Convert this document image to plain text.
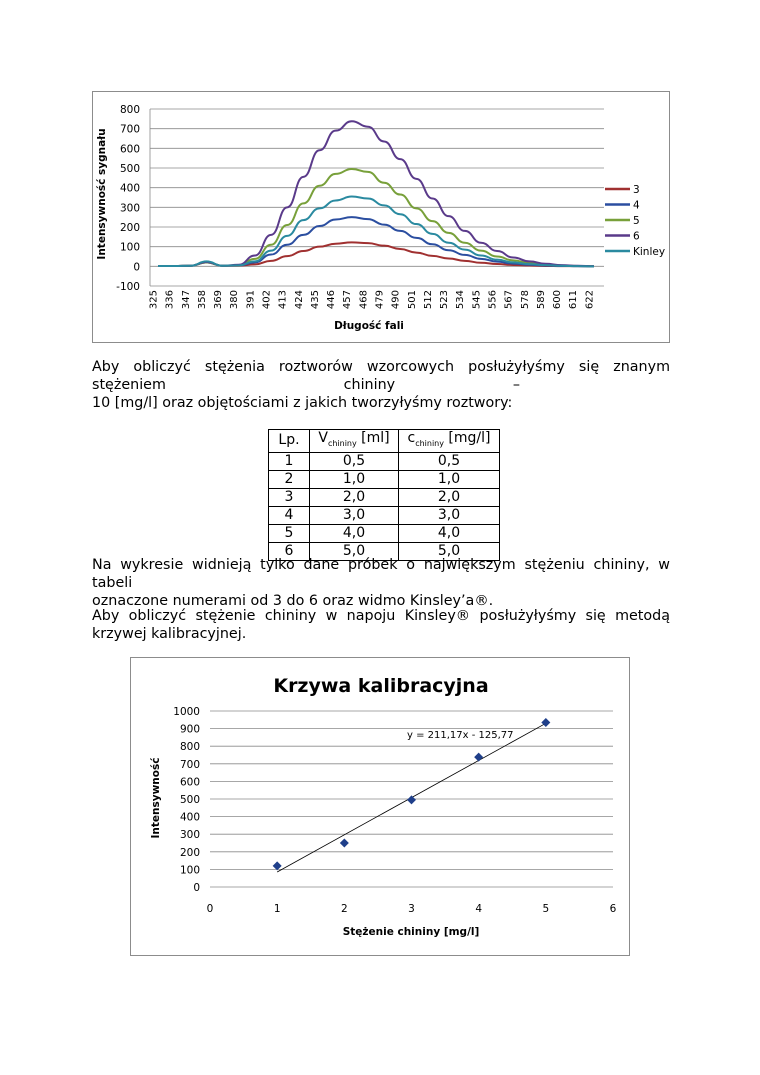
800
700
600
500
400
300
200
100
0
-100
325 336 347 358 369 380 391 402 413 424 435 446 457 468 479 490 501 512 523 534 545 556 567 578 589 600 611 622
Intensywność sygnału
Długość fali
3
4
5
6
Kinley
Aby obliczyć stężenia roztworów wzorcowych posłużyłyśmy się znanym
stężeniem	chininy	–
10 [mg/l] oraz objętościami z jakich tworzyłyśmy roztwory:
Lp.	$V_{chininy}$ [ml]	$c_{chininy}$ [mg/l]
1	0,5	0,5
2	1,0	1,0
3	2,0	2,0
4	3,0	3,0
5	4,0	4,0
6	5,0	5,0
Na wykresie widnieją tylko dane próbek o największym stężeniu chininy, w tabeli
oznaczone numerami od 3 do 6 oraz widmo Kinsley’a®.
Aby obliczyć stężenie chininy w napoju Kinsley® posłużyłyśmy się metodą
krzywej kalibracyjnej.
Krzywa kalibracyjna
1000
900
800
700
600
500
400
300
200
100
0
0	1	2	3	4	5	6
y = 211,17x - 125,77
Intensywność
Stężenie chininy [mg/l]
